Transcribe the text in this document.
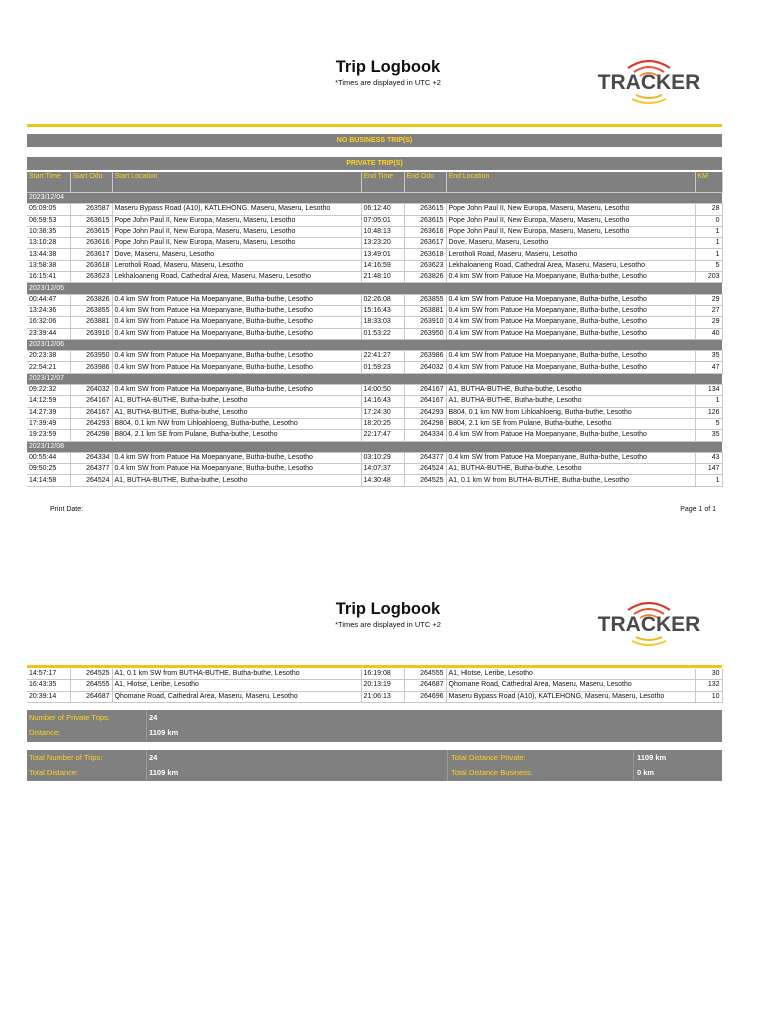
Trip Logbook
*Times are displayed in UTC +2	TRACKER
NO BUSINESS TRIP(S)
PRIVATE TRIP(S)
Start Time	Start Odo	Start Location	End Time	End Odo	End Location	KM
2023/12/04						
05:09:05	263587	Maseru Bypass Road (A10), KATLEHONG, Maseru, Maseru, Lesotho	06:12:40	263615	Pope John Paul II, New Europa, Maseru, Maseru, Lesotho	28
06:59:53	263615	Pope John Paul II, New Europa, Maseru, Maseru, Lesotho	07:05:01	263615	Pope John Paul II, New Europa, Maseru, Maseru, Lesotho	0
10:38:35	263615	Pope John Paul II, New Europa, Maseru, Maseru, Lesotho	10:48:13	263616	Pope John Paul II, New Europa, Maseru, Maseru, Lesotho	1
13:10:28	263616	Pope John Paul II, New Europa, Maseru, Maseru, Lesotho	13:23:20	263617	Dove, Maseru, Maseru, Lesotho	1
13:44:38	263617	Dove, Maseru, Maseru, Lesotho	13:49:01	263618	Lerotholi Road, Maseru, Maseru, Lesotho	1
13:58:38	263618	Lerotholi Road, Maseru, Maseru, Lesotho	14:16:59	263623	Lekhaloaneng Road, Cathedral Area, Maseru, Maseru, Lesotho	5
16:15:41	263623	Lekhaloaneng Road, Cathedral Area, Maseru, Maseru, Lesotho	21:48:10	263826	0.4 km SW from Patuoe Ha Moepanyane, Butha-buthe, Lesotho	203
2023/12/05						
00:44:47	263826	0.4 km SW from Patuoe Ha Moepanyane, Butha-buthe, Lesotho	02:26:08	263855	0.4 km SW from Patuoe Ha Moepanyane, Butha-buthe, Lesotho	29
13:24:36	263855	0.4 km SW from Patuoe Ha Moepanyane, Butha-buthe, Lesotho	15:16:43	263881	0.4 km SW from Patuoe Ha Moepanyane, Butha-buthe, Lesotho	27
16:32:06	263881	0.4 km SW from Patuoe Ha Moepanyane, Butha-buthe, Lesotho	18:33:03	263910	0.4 km SW from Patuoe Ha Moepanyane, Butha-buthe, Lesotho	29
23:39:44	263910	0.4 km SW from Patuoe Ha Moepanyane, Butha-buthe, Lesotho	01:53:22	263950	0.4 km SW from Patuoe Ha Moepanyane, Butha-buthe, Lesotho	40
2023/12/06						
20:23:38	263950	0.4 km SW from Patuoe Ha Moepanyane, Butha-buthe, Lesotho	22:41:27	263986	0.4 km SW from Patuoe Ha Moepanyane, Butha-buthe, Lesotho	35
22:54:21	263986	0.4 km SW from Patuoe Ha Moepanyane, Butha-buthe, Lesotho	01:59:23	264032	0.4 km SW from Patuoe Ha Moepanyane, Butha-buthe, Lesotho	47
2023/12/07						
09:22:32	264032	0.4 km SW from Patuoe Ha Moepanyane, Butha-buthe, Lesotho	14:00:50	264167	A1, BUTHA-BUTHE, Butha-buthe, Lesotho	134
14:12:59	264167	A1, BUTHA-BUTHE, Butha-buthe, Lesotho	14:16:43	264167	A1, BUTHA-BUTHE, Butha-buthe, Lesotho	1
14:27:39	264167	A1, BUTHA-BUTHE, Butha-buthe, Lesotho	17:24:30	264293	B804, 0.1 km NW from Lihloahloeng, Butha-buthe, Lesotho	126
17:39:49	264293	B804, 0.1 km NW from Lihloahloeng, Butha-buthe, Lesotho	18:20:25	264298	B804, 2.1 km SE from Pulane, Butha-buthe, Lesotho	5
19:23:59	264298	B804, 2.1 km SE from Pulane, Butha-buthe, Lesotho	22:17:47	264334	0.4 km SW from Patuoe Ha Moepanyane, Butha-buthe, Lesotho	35
2023/12/08						
00:55:44	264334	0.4 km SW from Patuoe Ha Moepanyane, Butha-buthe, Lesotho	03:10:29	264377	0.4 km SW from Patuoe Ha Moepanyane, Butha-buthe, Lesotho	43
09:50:25	264377	0.4 km SW from Patuoe Ha Moepanyane, Butha-buthe, Lesotho	14:07:37	264524	A1, BUTHA-BUTHE, Butha-buthe, Lesotho	147
14:14:58	264524	A1, BUTHA-BUTHE, Butha-buthe, Lesotho	14:30:48	264525	A1, 0.1 km W from BUTHA-BUTHE, Butha-buthe, Lesotho	1
Print Date:	Page 1 of 1
Trip Logbook
*Times are displayed in UTC +2	TRACKER
14:57:17	264525	A1, 0.1 km SW from BUTHA-BUTHE, Butha-buthe, Lesotho	16:19:08	264555	A1, Hlotse, Leribe, Lesotho	30
16:43:35	264555	A1, Hlotse, Leribe, Lesotho	20:13:19	264687	Qhomane Road, Cathedral Area, Maseru, Maseru, Lesotho	132
20:39:14	264687	Qhomane Road, Cathedral Area, Maseru, Maseru, Lesotho	21:06:13	264696	Maseru Bypass Road (A10), KATLEHONG, Maseru, Maseru, Lesotho	10
Number of Private Trips:	24
Distance:	1109 km
Total Number of Trips:	24	Total Distance Private:	1109 km
Total Distance:	1109 km	Total Distance Business:	0 km
